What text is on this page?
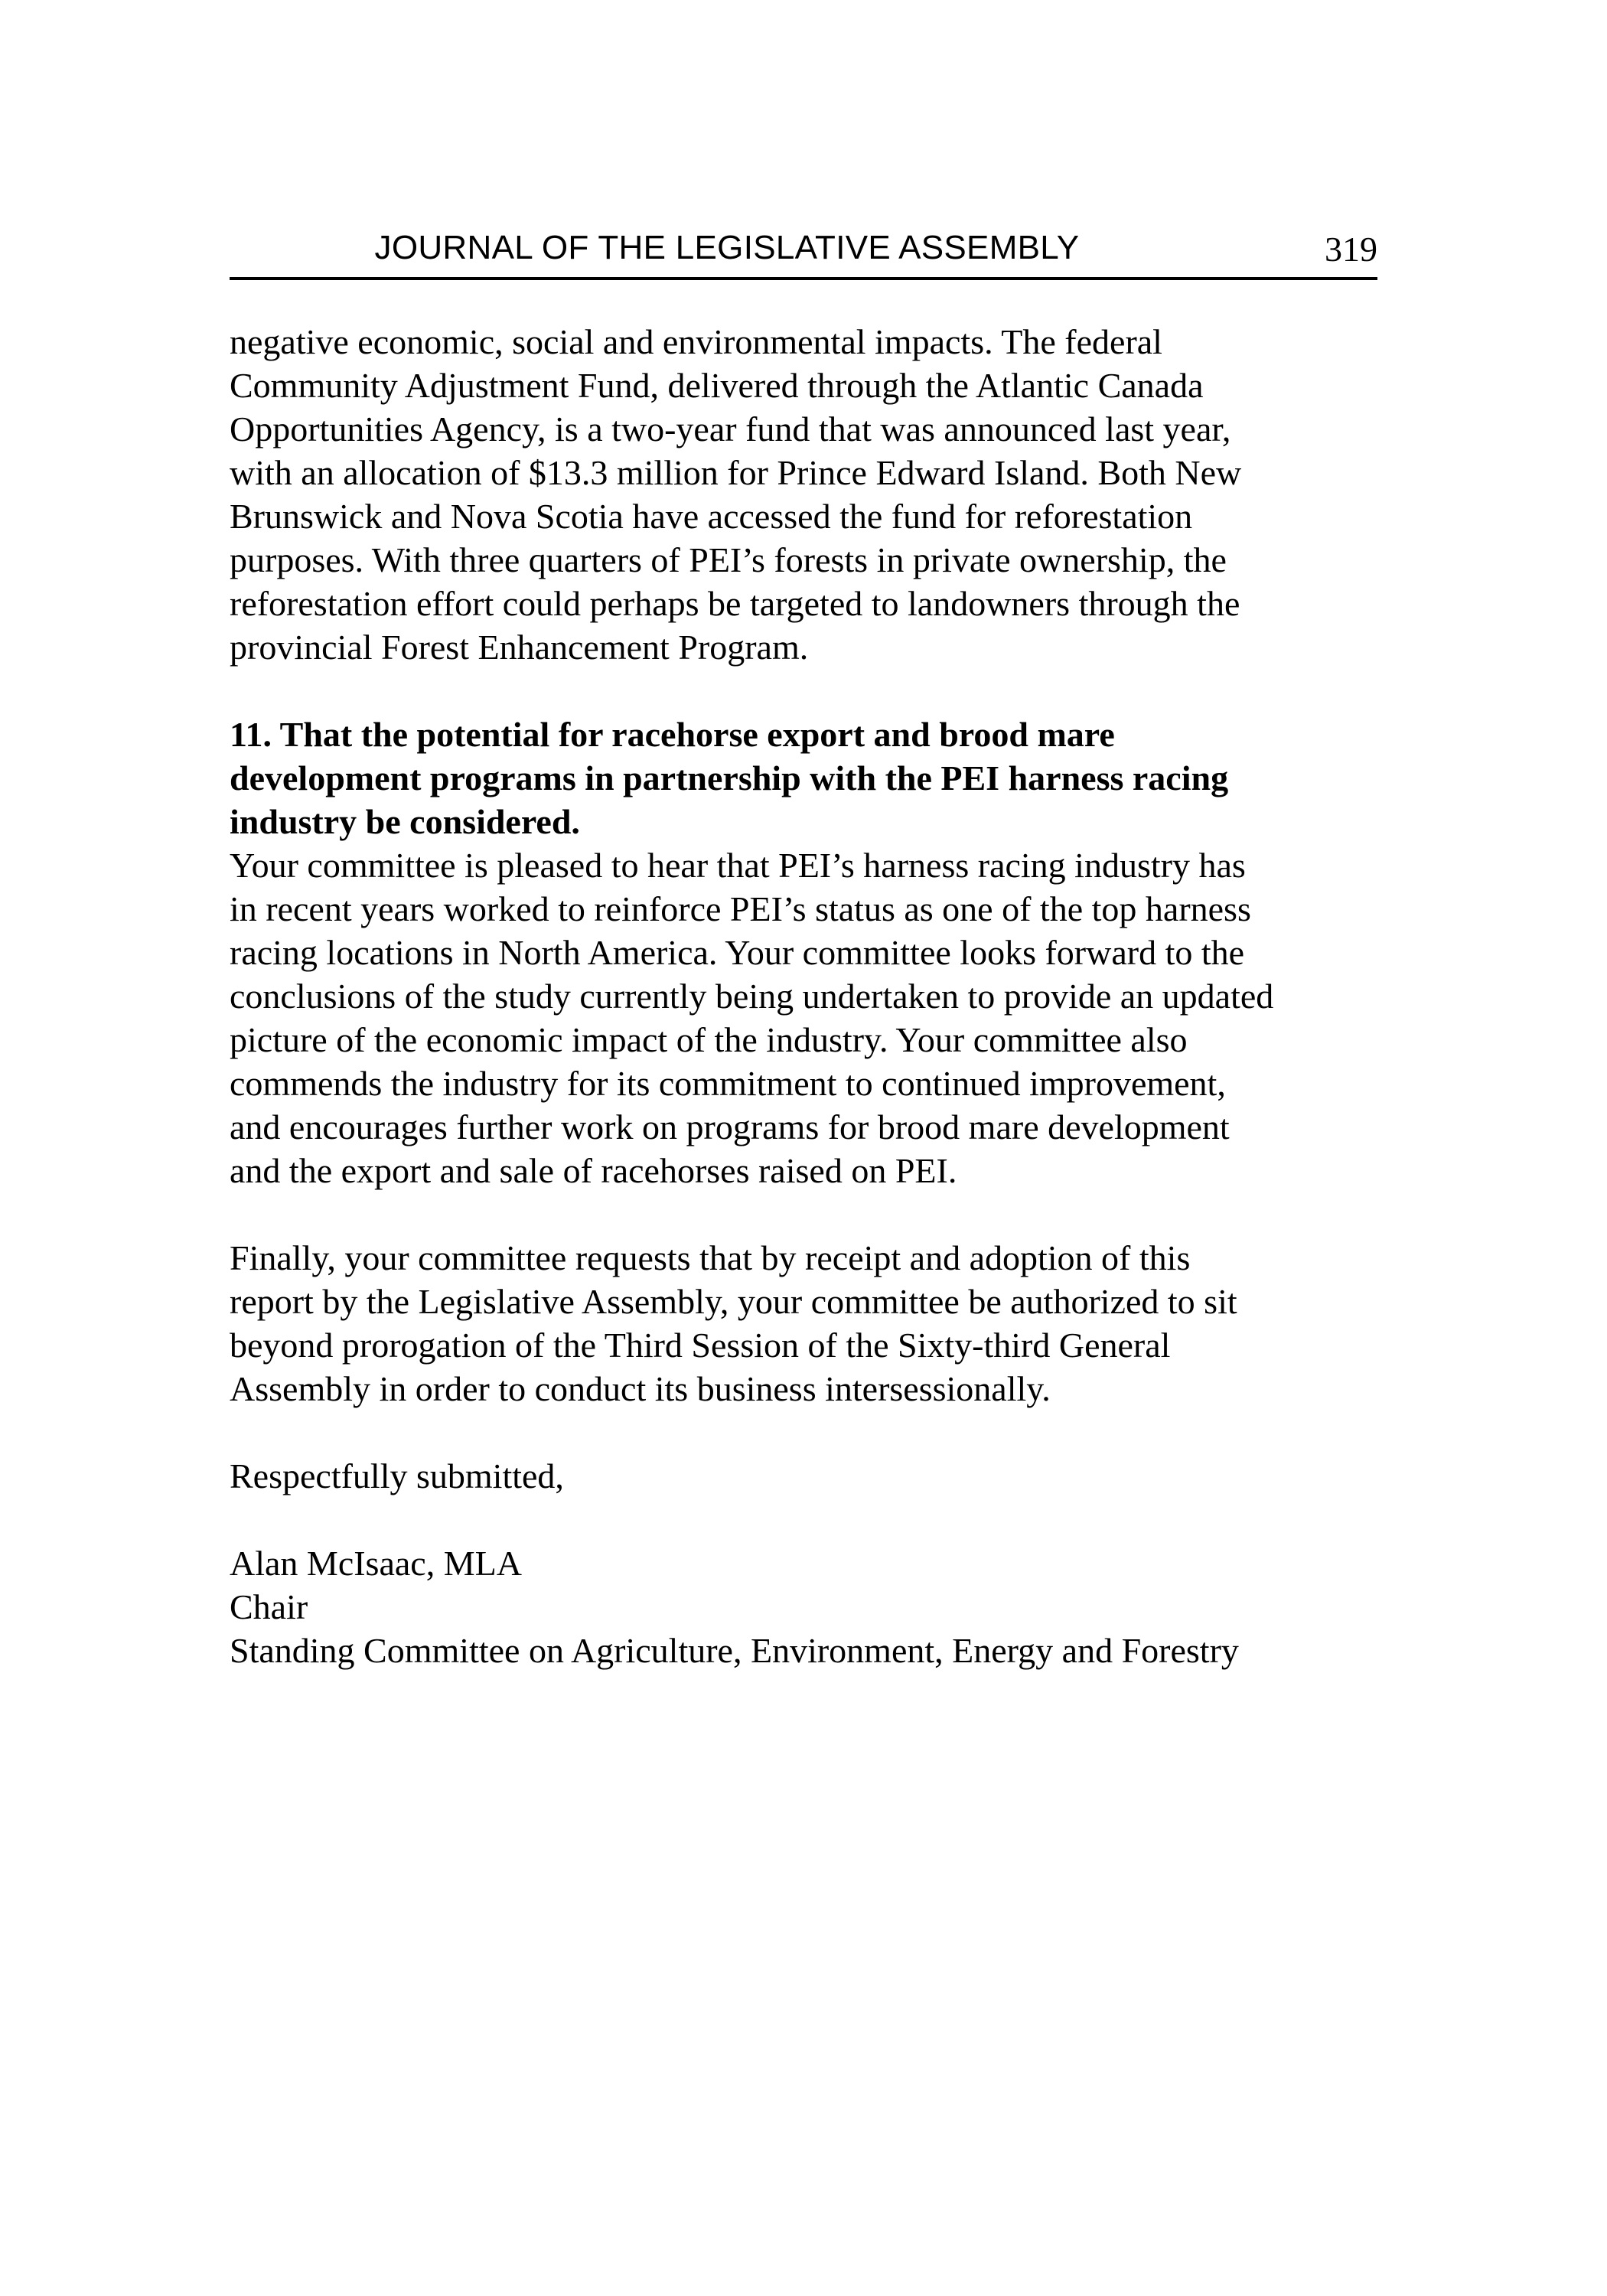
JOURNAL OF THE LEGISLATIVE ASSEMBLY	319

negative economic, social and environmental impacts. The federal
Community Adjustment Fund, delivered through the Atlantic Canada
Opportunities Agency, is a two-year fund that was announced last year,
with an allocation of $13.3 million for Prince Edward Island. Both New
Brunswick and Nova Scotia have accessed the fund for reforestation
purposes. With three quarters of PEI’s forests in private ownership, the
reforestation effort could perhaps be targeted to landowners through the
provincial Forest Enhancement Program.

11. That the potential for racehorse export and brood mare
development programs in partnership with the PEI harness racing
industry be considered.
Your committee is pleased to hear that PEI’s harness racing industry has
in recent years worked to reinforce PEI’s status as one of the top harness
racing locations in North America. Your committee looks forward to the
conclusions of the study currently being undertaken to provide an updated
picture of the economic impact of the industry. Your committee also
commends the industry for its commitment to continued improvement,
and encourages further work on programs for brood mare development
and the export and sale of racehorses raised on PEI.

Finally, your committee requests that by receipt and adoption of this
report by the Legislative Assembly, your committee be authorized to sit
beyond prorogation of the Third Session of the Sixty-third General
Assembly in order to conduct its business intersessionally.

Respectfully submitted,

Alan McIsaac, MLA
Chair
Standing Committee on Agriculture, Environment, Energy and Forestry
